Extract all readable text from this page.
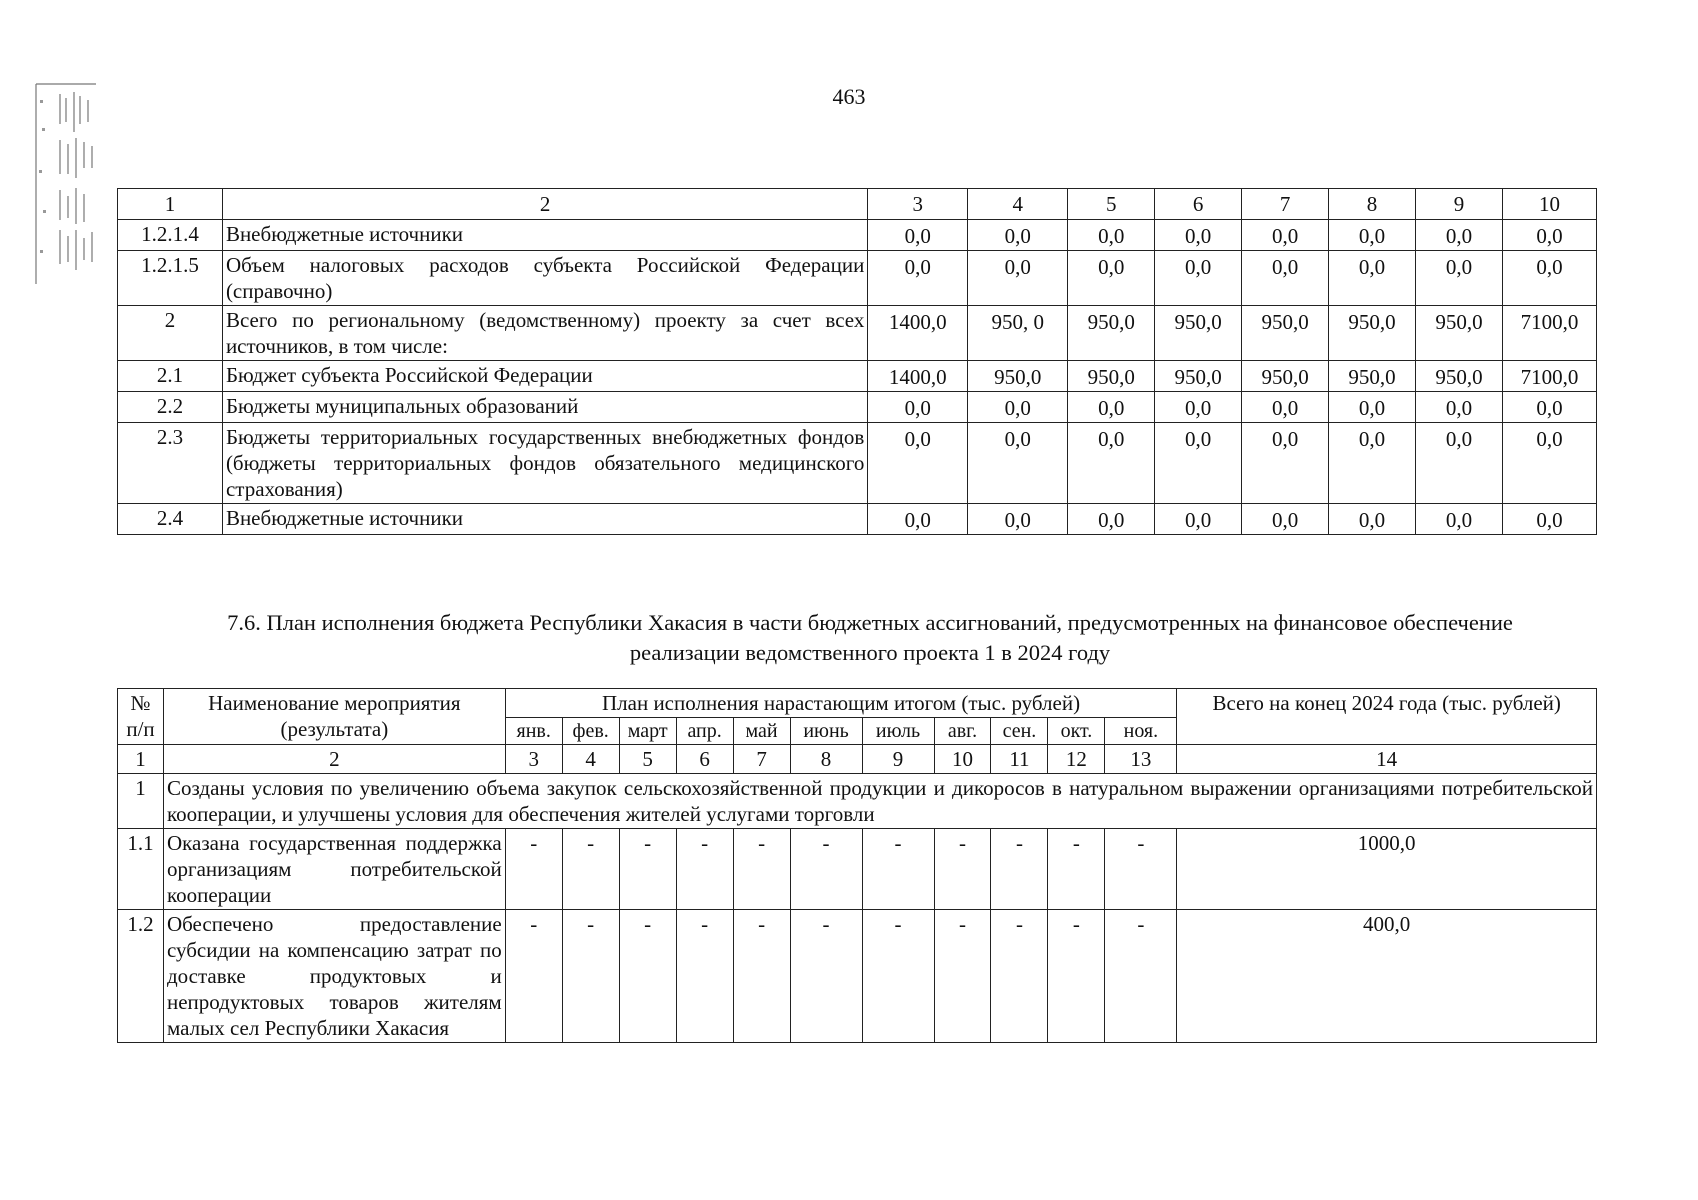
463
1	2	3	4	5	6	7	8	9	10
1.2.1.4	Внебюджетные источники	0,0	0,0	0,0	0,0	0,0	0,0	0,0	0,0
1.2.1.5	Объем налоговых расходов субъекта Российской Федерации (справочно)	0,0	0,0	0,0	0,0	0,0	0,0	0,0	0,0
2	Всего по региональному (ведомственному) проекту за счет всех источников, в том числе:	1400,0	950, 0	950,0	950,0	950,0	950,0	950,0	7100,0
2.1	Бюджет субъекта Российской Федерации	1400,0	950,0	950,0	950,0	950,0	950,0	950,0	7100,0
2.2	Бюджеты муниципальных образований	0,0	0,0	0,0	0,0	0,0	0,0	0,0	0,0
2.3	Бюджеты территориальных государственных внебюджетных фондов (бюджеты территориальных фондов обязательного медицинского страхования)	0,0	0,0	0,0	0,0	0,0	0,0	0,0	0,0
2.4	Внебюджетные источники	0,0	0,0	0,0	0,0	0,0	0,0	0,0	0,0
7.6. План исполнения бюджета Республики Хакасия в части бюджетных ассигнований, предусмотренных на финансовое обеспечение реализации ведомственного проекта 1 в 2024 году
№ п/п	Наименование мероприятия (результата)	План исполнения нарастающим итогом (тыс. рублей)											Всего на конец 2024 года (тыс. рублей)
		янв.	фев.	март	апр.	май	июнь	июль	авг.	сен.	окт.	ноя.	
1	2	3	4	5	6	7	8	9	10	11	12	13	14
1	Созданы условия по увеличению объема закупок сельскохозяйственной продукции и дикоросов в натуральном выражении организациями потребительской кооперации, и улучшены условия для обеспечения жителей услугами торговли												
1.1	Оказана государственная поддержка организациям потребительской кооперации	-	-	-	-	-	-	-	-	-	-	-	1000,0
1.2	Обеспечено предоставление субсидии на компенсацию затрат по доставке продуктовых и непродуктовых товаров жителям малых сел Республики Хакасия	-	-	-	-	-	-	-	-	-	-	-	400,0
